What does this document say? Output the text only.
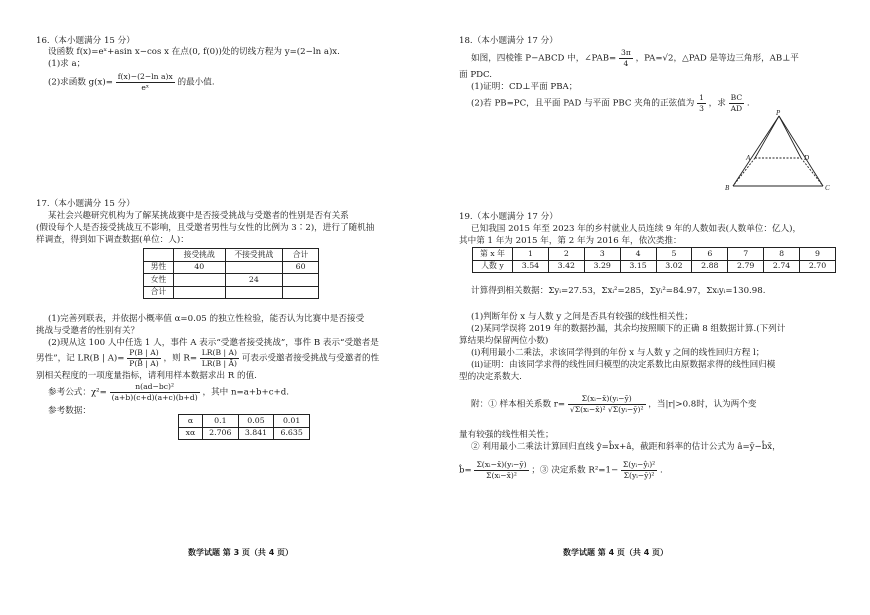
16.（本小题满分 15 分）
设函数 f(x)=eˣ+asin x−cos x 在点(0, f(0))处的切线方程为 y=(2−ln a)x.
(1)求 a；
(2)求函数 $g(x)= \frac{\text{f(x)−(2−ln a)x}}{\text{eˣ}}$ 的最小值.
17.（本小题满分 15 分）
某社会兴趣研究机构为了解某挑战赛中是否接受挑战与受邀者的性别是否有关系
(假设每个人是否接受挑战互不影响，且受邀者男性与女性的比例为 3∶2)，进行了随机抽
样调查，得到如下调查数据(单位：人)：
	接受挑战	不接受挑战	合计
男性	40		60
女性		24	
合计			
(1)完善列联表，并依据小概率值 α=0.05 的独立性检验，能否认为比赛中是否接受
挑战与受邀者的性别有关？
(2)现从这 100 人中任选 1 人，事件 A 表示“受邀者接受挑战”，事件 B 表示“受邀者是
男性”，记 LR(B | $A)= \frac{P(B | A)}{P(B̄ | A)}$ ，则 $R= \frac{LR(B | A)}{LR(B | Ā)}$ 可表示受邀者接受挑战与受邀者的性
别相关程度的一项度量指标，请利用样本数据求出 R 的值.
参考公式：$\chi^2= \frac{\text{n(ad−bc)²}}{(a+b)(c+d)(a+c)(b+d)}$ ，其中 n=a+b+c+d.
参考数据：
α	0.1	0.05	0.01
xα	2.706	3.841	6.635
数学试题 第 3 页（共 4 页）
18.（本小题满分 17 分）
如图，四棱锥 P−ABCD 中，∠PAB= $\frac{3\pi}{4}$ ，PA=√2，△PAD 是等边三角形，AB⊥平
面 PDC.
(1)证明：CD⊥平面 PBA；
(2)若 PB=PC，且平面 PAD 与平面 PBC 夹角的正弦值为 $\frac{1}{3}$ ，求 $\frac{BC}{AD}$ .
P
A	D
B	C
19.（本小题满分 17 分）
已知我国 2015 年至 2023 年的乡村就业人员连续 9 年的人数如表(人数单位：亿人)，
其中第 1 年为 2015 年，第 2 年为 2016 年，依次类推：
第 x 年	1	2	3	4	5	6	7	8	9
人数 y	3.54	3.42	3.29	3.15	3.02	2.88	2.79	2.74	2.70
计算得到相关数据：Σyᵢ=27.53，Σxᵢ²=285，Σyᵢ²=84.97，Σxᵢyᵢ=130.98.
(1)判断年份 x 与人数 y 之间是否具有较强的线性相关性；
(2)某同学误将 2019 年的数据抄漏，其余均按照顺下的正确 8 组数据计算.(下列计
算结果均保留两位小数)
(ⅰ)利用最小二乘法，求该同学得到的年份 x 与人数 y 之间的线性回归方程 l；
(ⅱ)证明：由该同学求得的线性回归模型的决定系数比由原数据求得的线性回归模
型的决定系数大.
附：① 样本相关系数 $r= \frac{\text{Σ(xᵢ−x̄)(yᵢ−ȳ)}}{\text{√Σ(xᵢ−x̄)² √Σ(yᵢ−ȳ)²}}$ ，当|r|>0.8时，认为两个变
量有较强的线性相关性；
② 利用最小二乘法计算回归直线 ŷ=b̂x+â，截距和斜率的估计公式为 â=ȳ−b̂x̄，
b̂= $\frac{\text{Σ(xᵢ−x̄)(yᵢ−ȳ)}}{\text{Σ(xᵢ−x̄)²}}$ ；③ 决定系数 $R^2=1- \frac{\text{Σ(yᵢ−ŷᵢ)²}}{\text{Σ(yᵢ−ȳ)²}}$ .
数学试题 第 4 页（共 4 页）
